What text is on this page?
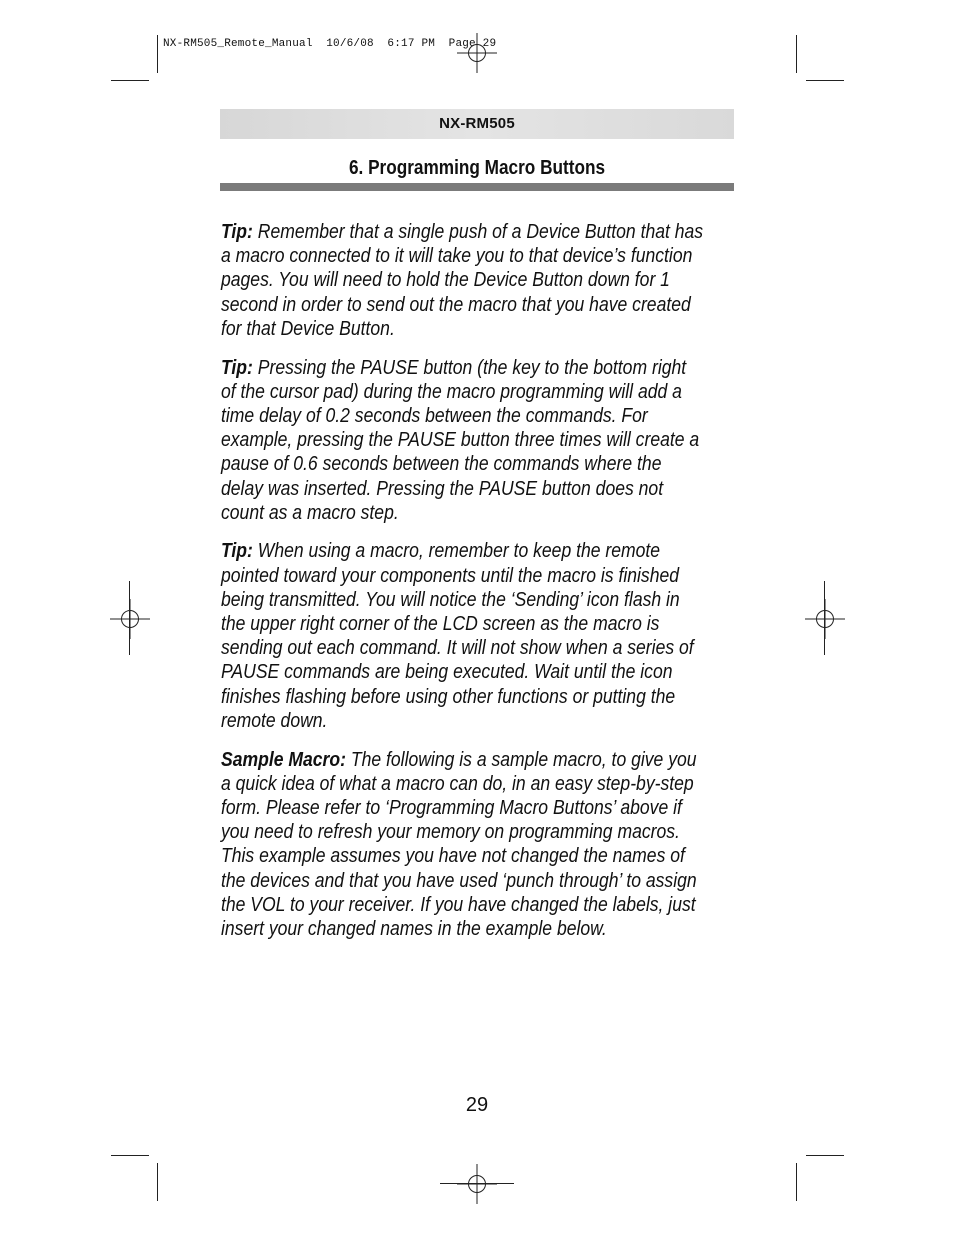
NX-RM505_Remote_Manual  10/6/08  6:17 PM  Page 29
NX-RM505
6. Programming Macro Buttons
Tip: Remember that a single push of a Device Button that has
a macro connected to it will take you to that device’s function
pages. You will need to hold the Device Button down for 1
second in order to send out the macro that you have created
for that Device Button.
Tip: Pressing the PAUSE button (the key to the bottom right
of the cursor pad) during the macro programming will add a
time delay of 0.2 seconds between the commands. For
example, pressing the PAUSE button three times will create a
pause of 0.6 seconds between the commands where the
delay was inserted. Pressing the PAUSE button does not
count as a macro step.
Tip: When using a macro, remember to keep the remote
pointed toward your components until the macro is finished
being transmitted. You will notice the ‘Sending’ icon flash in
the upper right corner of the LCD screen as the macro is
sending out each command. It will not show when a series of
PAUSE commands are being executed. Wait until the icon
finishes flashing before using other functions or putting the
remote down.
Sample Macro: The following is a sample macro, to give you
a quick idea of what a macro can do, in an easy step-by-step
form. Please refer to ‘Programming Macro Buttons’ above if
you need to refresh your memory on programming macros.
This example assumes you have not changed the names of
the devices and that you have used ‘punch through’ to assign
the VOL to your receiver. If you have changed the labels, just
insert your changed names in the example below.
29
